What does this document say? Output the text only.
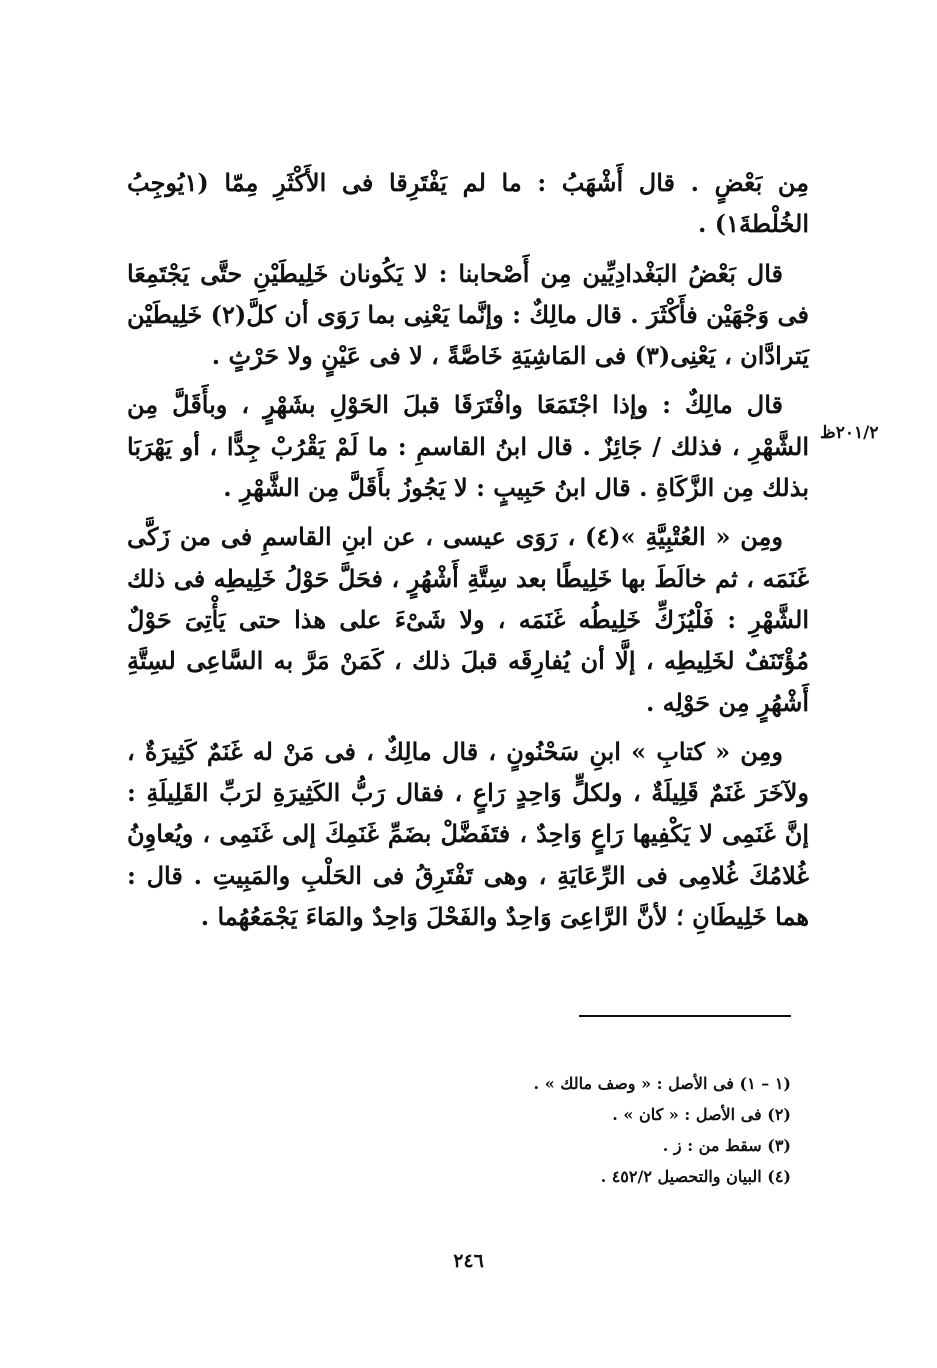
مِن بَعْضٍ . قال أَشْهَبُ : ما لم يَفْتَرِقا فى الأَكْثَرِ مِمّا (١يُوجِبُ الخُلْطةَ١) .

قال بَعْضُ البَغْدادِيِّين مِن أَصْحابنا : لا يَكُونان خَلِيطَيْنِ حتَّى يَجْتَمِعَا فى وَجْهَيْن فأَكْثَرَ . قال مالِكٌ : وإنَّما يَعْنِى بما رَوَى أن كلَّ(٢) خَلِيطَيْن يَترادَّان ، يَعْنِى(٣) فى المَاشِيَةِ خَاصَّةً ، لا فى عَيْنٍ ولا حَرْثٍ .

قال مالِكٌ : وإذا اجْتَمَعَا وافْتَرَقَا قبلَ الحَوْلِ بشَهْرٍ ، وبأَقَلَّ مِن الشَّهْرِ ، فذلك / جَائِزٌ . قال ابنُ القاسمِ : ما لَمْ يَقْرُبْ جِدًّا ، أو يَهْرَبَا بذلك مِن الزَّكَاةِ . قال ابنُ حَبِيبٍ : لا يَجُوزُ بأَقَلَّ مِن الشَّهْرِ .

ومِن « العُتْبِيَّةِ »(٤) ، رَوَى عيسى ، عن ابنِ القاسمِ فى من زَكَّى غَنَمَه ، ثم خالَطَ بها خَلِيطًا بعد سِتَّةِ أَشْهُرٍ ، فحَلَّ حَوْلُ خَلِيطِه فى ذلك الشَّهْرِ : فَلْيُزَكِّ خَلِيطُه غَنَمَه ، ولا شَىْءَ على هذا حتى يَأْتِىَ حَوْلٌ مُؤْتَنَفٌ لخَلِيطِه ، إلَّا أن يُفارِقَه قبلَ ذلك ، كَمَنْ مَرَّ به السَّاعِى لسِتَّةِ أَشْهُرٍ مِن حَوْلِه .

ومِن « كتابِ » ابنِ سَحْنُونٍ ، قال مالِكٌ ، فى مَنْ له غَنَمٌ كَثِيرَةٌ ، ولآخَرَ غَنَمٌ قَلِيلَةٌ ، ولكلٍّ وَاحِدٍ رَاعٍ ، فقال رَبُّ الكَثِيرَةِ لرَبِّ القَلِيلَةِ : إنَّ غَنَمِى لا يَكْفِيها رَاعٍ وَاحِدٌ ، فتَفَضَّلْ بضَمِّ غَنَمِكَ إلى غَنَمِى ، ويُعاوِنُ غُلامُكَ غُلامِى فى الرِّعَايَةِ ، وهى تَفْتَرِقُ فى الحَلْبِ والمَبِيتِ . قال : هما خَلِيطَانِ ؛ لأنَّ الرَّاعِىَ وَاحِدٌ والفَحْلَ وَاحِدٌ والمَاءَ يَجْمَعُهُما .

٢٠١/٢ظ

(١ – ١) فى الأصل : « وصف مالك » .

(٢) فى الأصل : « كان » .

(٣) سقط من : ز .

(٤) البيان والتحصيل ٤٥٢/٢ .

٢٤٦
